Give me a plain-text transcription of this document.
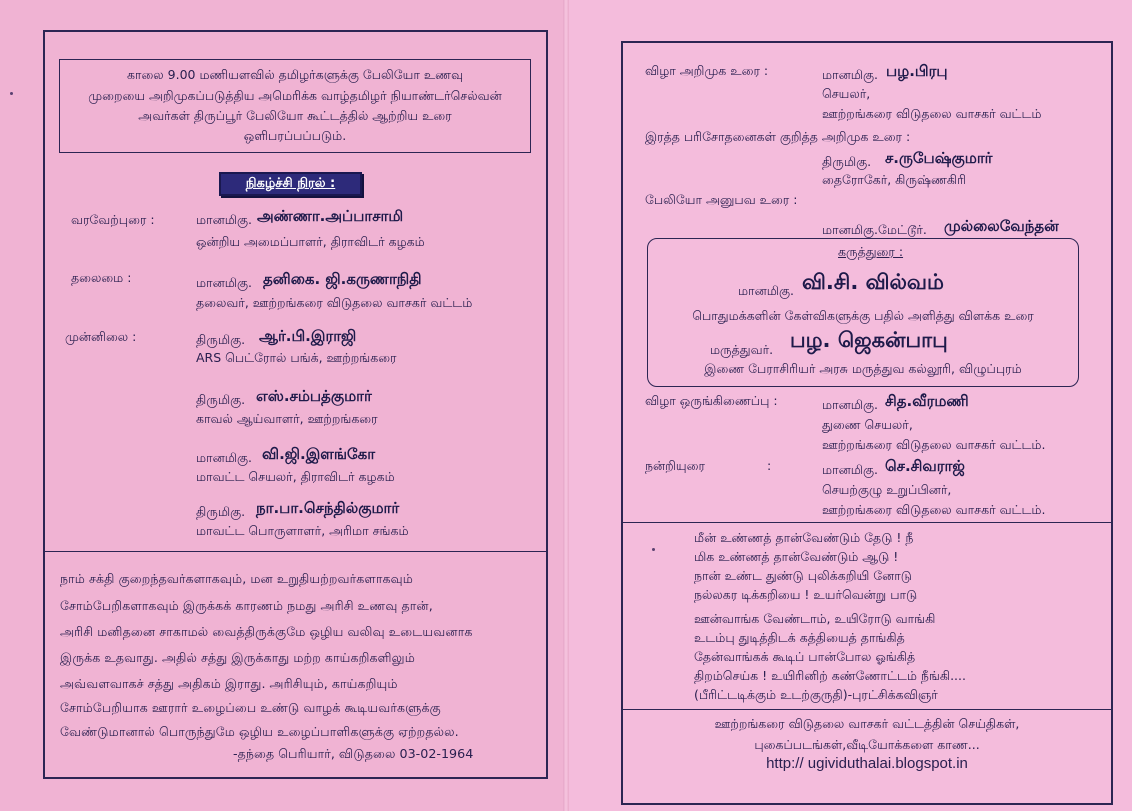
காலை 9.00 மணியளவில் தமிழர்களுக்கு பேலியோ உணவு
முறையை அறிமுகப்படுத்திய அமெரிக்க வாழ்தமிழர் நியாண்டர்செல்வன்
அவர்கள் திருப்பூர் பேலியோ கூட்டத்தில் ஆற்றிய உரை
ஒளிபரப்பப்படும்.
நிகழ்ச்சி நிரல் :
வரவேற்புரை :	மானமிகு. அண்ணா.அப்பாசாமி
ஒன்றிய அமைப்பாளர், திராவிடர் கழகம்
தலைமை :	மானமிகு. தனிகை. ஜி.கருணாநிதி
தலைவர், ஊற்றங்கரை விடுதலை வாசகர் வட்டம்
முன்னிலை :	திருமிகு. ஆர்.பி.இராஜி
ARS பெட்ரோல் பங்க், ஊற்றங்கரை
திருமிகு. எஸ்.சம்பத்குமார்
காவல் ஆய்வாளர், ஊற்றங்கரை
மானமிகு. வி.ஜி.இளங்கோ
மாவட்ட செயலர், திராவிடர் கழகம்
திருமிகு. நா.பா.செந்தில்குமார்
மாவட்ட பொருளாளர், அரிமா சங்கம்
நாம் சக்தி குறைந்தவர்களாகவும், மன உறுதியற்றவர்களாகவும்
சோம்பேறிகளாகவும் இருக்கக் காரணம் நமது அரிசி உணவு தான்,
அரிசி மனிதனை சாகாமல் வைத்திருக்குமே ஒழிய வலிவு உடையவனாக
இருக்க உதவாது. அதில் சத்து இருக்காது மற்ற காய்கறிகளிலும்
அவ்வளவாகச் சத்து அதிகம் இராது. அரிசியும், காய்கறியும்
சோம்பேறியாக ஊரார் உழைப்பை உண்டு வாழக் கூடியவர்களுக்கு
வேண்டுமானால் பொருந்துமே ஒழிய உழைப்பாளிகளுக்கு ஏற்றதல்ல.
-தந்தை பெரியார், விடுதலை 03-02-1964
விழா அறிமுக உரை :	மானமிகு. பழ.பிரபு
செயலர்,
ஊற்றங்கரை விடுதலை வாசகர் வட்டம்
இரத்த பரிசோதனைகள் குறித்த அறிமுக உரை :
திருமிகு. ச.ருபேஷ்குமார்
தைரோகேர், கிருஷ்ணகிரி
பேலியோ அனுபவ உரை :
மானமிகு.மேட்டூர். முல்லைவேந்தன்
கருத்துரை :
மானமிகு. வி.சி. வில்வம்
பொதுமக்களின் கேள்விகளுக்கு பதில் அளித்து விளக்க உரை
மருத்துவர். பழ. ஜெகன்பாபு
இணை பேராசிரியர் அரசு மருத்துவ கல்லூரி, விழுப்புரம்
விழா ஒருங்கிணைப்பு :	மானமிகு. சித.வீரமணி
துணை செயலர்,
ஊற்றங்கரை விடுதலை வாசகர் வட்டம்.
நன்றியுரை	:	மானமிகு. செ.சிவராஜ்
செயற்குழு உறுப்பினர்,
ஊற்றங்கரை விடுதலை வாசகர் வட்டம்.
மீன் உண்ணத் தான்வேண்டும் தேடு ! நீ
மிக உண்ணத் தான்வேண்டும் ஆடு !
நான் உண்ட துண்டு புலிக்கறியி னோடு
நல்லகர டிக்கறியை ! உயர்வென்று பாடு
ஊன்வாங்க வேண்டாம், உயிரோடு வாங்கி
உடம்பு துடித்திடக் கத்தியைத் தாங்கித்
தேன்வாங்கக் கூடிப் பான்போல ஓங்கித்
திறம்செய்க ! உயிரினிற் கண்ணோட்டம் நீங்கி....
(பீரிட்டடிக்கும் உடற்குருதி)-புரட்சிக்கவிஞர்
ஊற்றங்கரை விடுதலை வாசகர் வட்டத்தின் செய்திகள்,
புகைப்படங்கள்,வீடியோக்களை காண...
http:// ugividuthalai.blogspot.in
